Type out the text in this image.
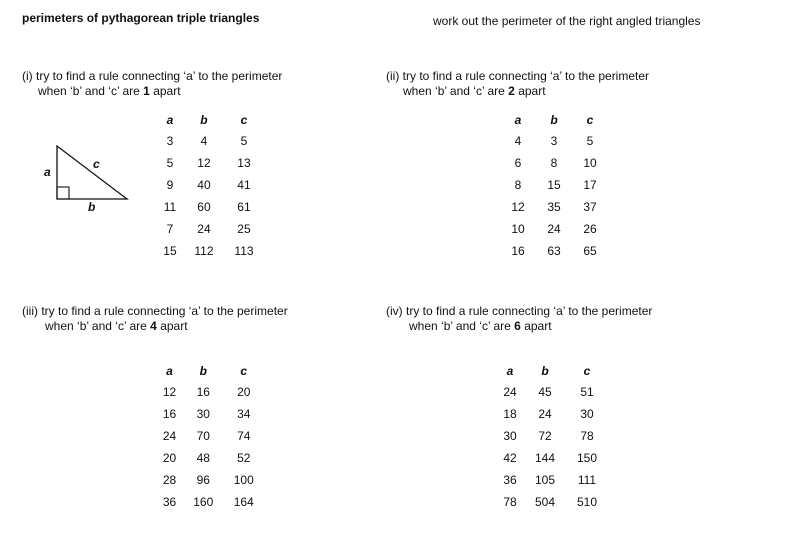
perimeters of pythagorean triple triangles	work out the perimeter of the right angled triangles
(i) try to find a rule connecting ‘a’ to the perimeter
when ‘b’ and ‘c’ are 1 apart
a	b	c
3	4	5
5	12	13
9	40	41
11	60	61
7	24	25
15	112	113
a
b
c
(ii) try to find a rule connecting ‘a’ to the perimeter
when ‘b’ and ‘c’ are 2 apart
a	b	c
4	3	5
6	8	10
8	15	17
12	35	37
10	24	26
16	63	65
(iii) try to find a rule connecting ‘a’ to the perimeter
when ‘b’ and ‘c’ are 4 apart
a	b	c
12	16	20
16	30	34
24	70	74
20	48	52
28	96	100
36	160	164
(iv) try to find a rule connecting ‘a’ to the perimeter
when ‘b’ and ‘c’ are 6 apart
a	b	c
24	45	51
18	24	30
30	72	78
42	144	150
36	105	111
78	504	510
